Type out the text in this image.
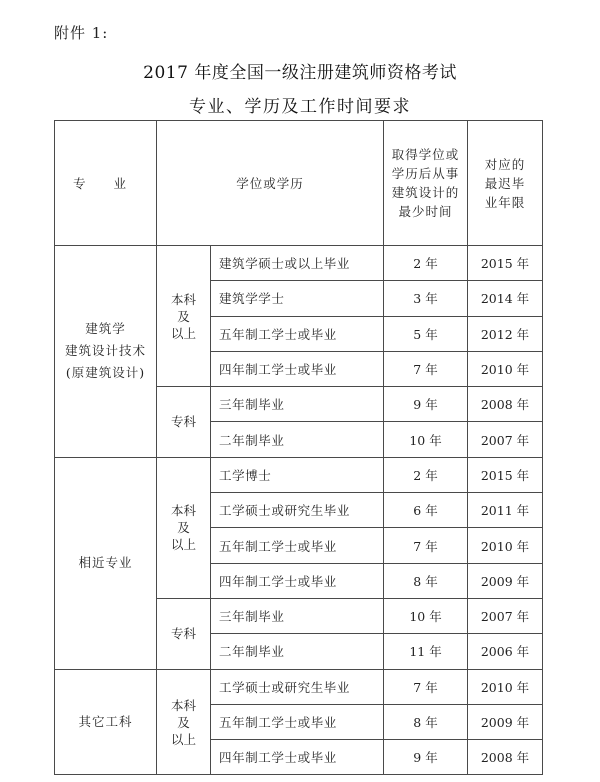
附件 1:
2017 年度全国一级注册建筑师资格考试
专业、学历及工作时间要求
专 业	学位或学历		取得学位或
学历后从事
建筑设计的
最少时间	对应的
最迟毕
业年限

建筑学
建筑设计技术
(原建筑设计)	本科
及
以上	建筑学硕士或以上毕业	2 年	2015 年
		建筑学学士	3 年	2014 年
		五年制工学士或毕业	5 年	2012 年
		四年制工学士或毕业	7 年	2010 年

	专科	三年制毕业	9 年	2008 年
		二年制毕业	10 年	2007 年

相近专业	本科
及
以上	工学博士	2 年	2015 年
		工学硕士或研究生毕业	6 年	2011 年
		五年制工学士或毕业	7 年	2010 年
		四年制工学士或毕业	8 年	2009 年

	专科	三年制毕业	10 年	2007 年
		二年制毕业	11 年	2006 年

其它工科	本科
及
以上	工学硕士或研究生毕业	7 年	2010 年
		五年制工学士或毕业	8 年	2009 年
		四年制工学士或毕业	9 年	2008 年
